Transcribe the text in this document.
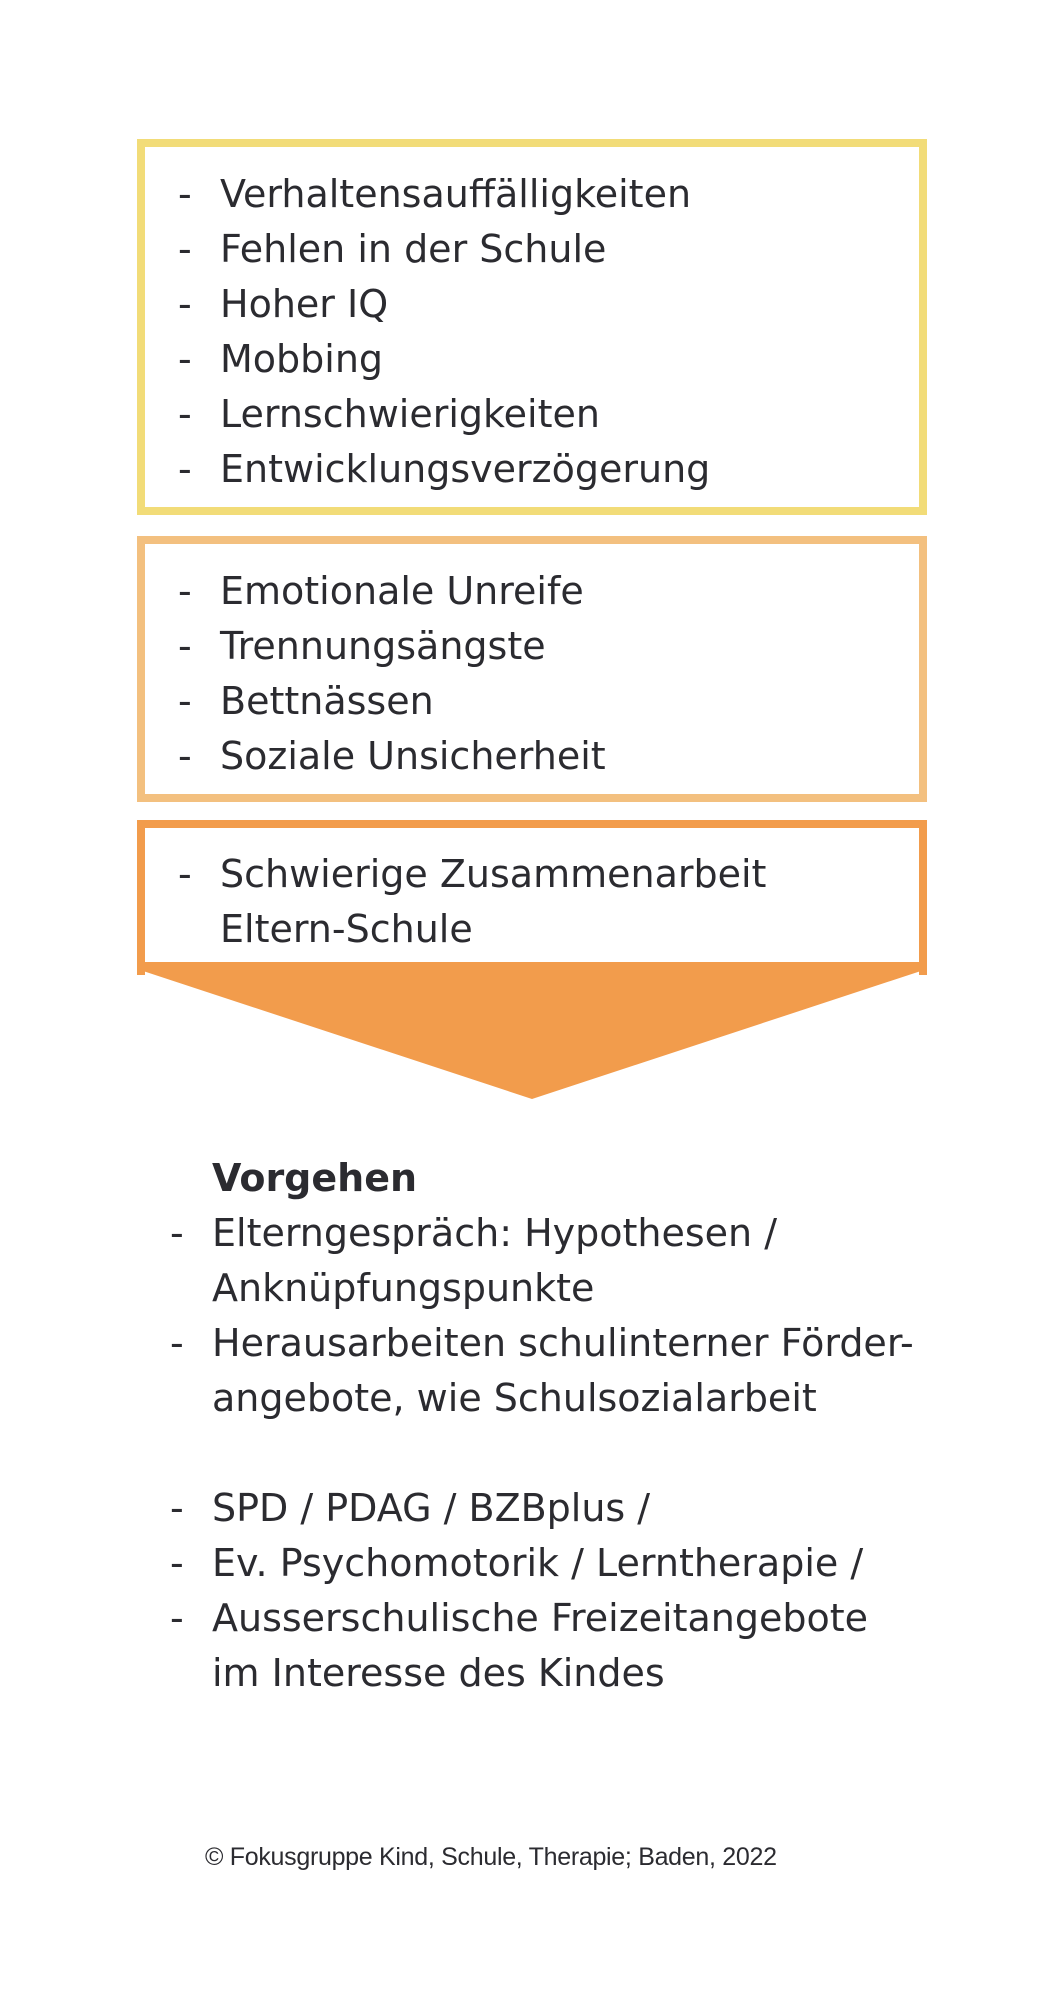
- Verhaltensauffälligkeiten
- Fehlen in der Schule
- Hoher IQ
- Mobbing
- Lernschwierigkeiten
- Entwicklungsverzögerung
- Emotionale Unreife
- Trennungsängste
- Bettnässen
- Soziale Unsicherheit
- Schwierige Zusammenarbeit
Eltern-Schule

Vorgehen

- Elterngespräch: Hypothesen /
Anknüpfungspunkte
- Herausarbeiten schulinterner Förder-
angebote, wie Schulsozialarbeit
- SPD / PDAG / BZBplus /
- Ev. Psychomotorik / Lerntherapie /
- Ausserschulische Freizeitangebote
im Interesse des Kindes
© Fokusgruppe Kind, Schule, Therapie; Baden, 2022
